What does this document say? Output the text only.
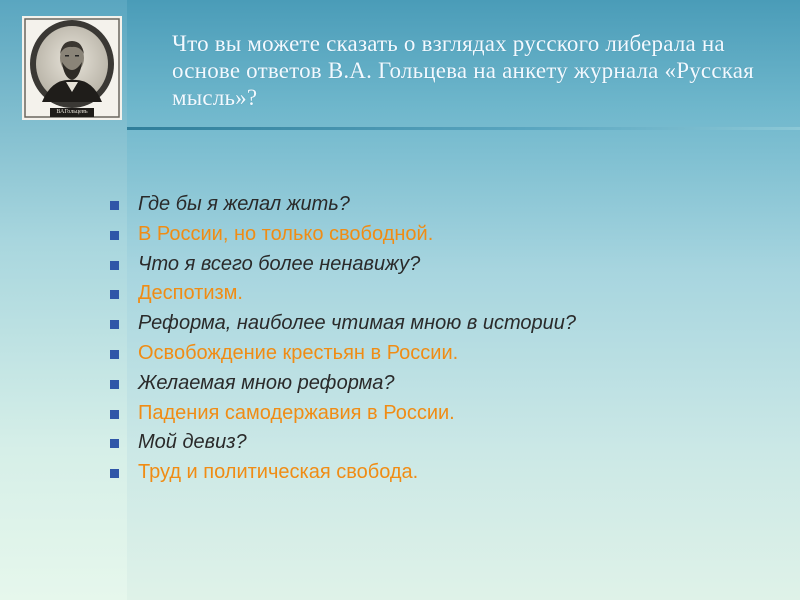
ВАГольцевъ
Что вы можете сказать о взглядах русского либерала на основе ответов В.А. Гольцева на анкету журнала «Русская мысль»?
Где бы я желал жить?
В России, но только свободной.
Что я всего более ненавижу?
Деспотизм.
Реформа, наиболее чтимая мною в истории?
Освобождение крестьян в России.
Желаемая мною реформа?
Падения самодержавия в России.
Мой девиз?
Труд и политическая свобода.
